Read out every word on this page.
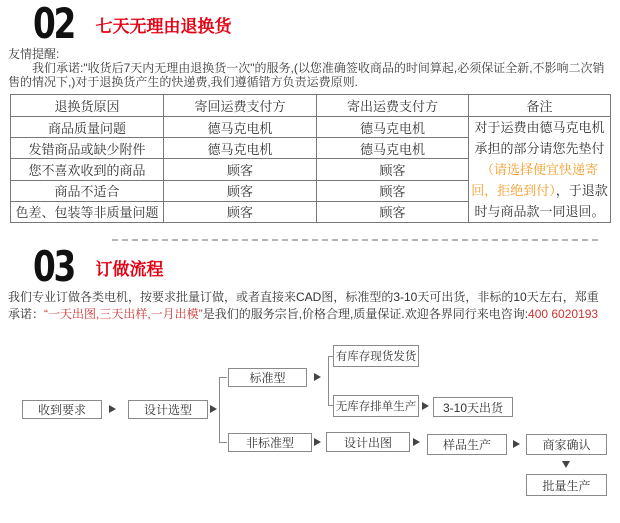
02 七天无理由退换货

友情提醒:

我们承诺:"收货后7天内无理由退换货一次"的服务,(以您准确签收商品的时间算起,必须保证全新,不影响二次销售的情况下,)对于退换货产生的快递费,我们遵循错方负责运费原则.

退换货原因	寄回运费支付方	寄出运费支付方	备注
商品质量问题	德马克电机	德马克电机	对于运费由德马克电机承担的部分请您先垫付（请选择便宜快递寄回，拒绝到付），于退款时与商品款一同退回。
发错商品或缺少附件	德马克电机	德马克电机	
您不喜欢收到的商品	顾客	顾客	
商品不适合	顾客	顾客	
色差、包装等非质量问题	顾客	顾客	
03 订做流程
我们专业订做各类电机，按要求批量订做，或者直接来CAD图，标准型的3-10天可出货，非标的10天左右，郑重承诺：“一天出图,三天出样,一月出模”是我们的服务宗旨,价格合理,质量保证.欢迎各界同行来电咨询:400 6020193
收到要求	设计选型
标准型
有库存现货发货
无库存排单生产	3-10天出货
非标准型	设计出图	样品生产	商家确认
批量生产
